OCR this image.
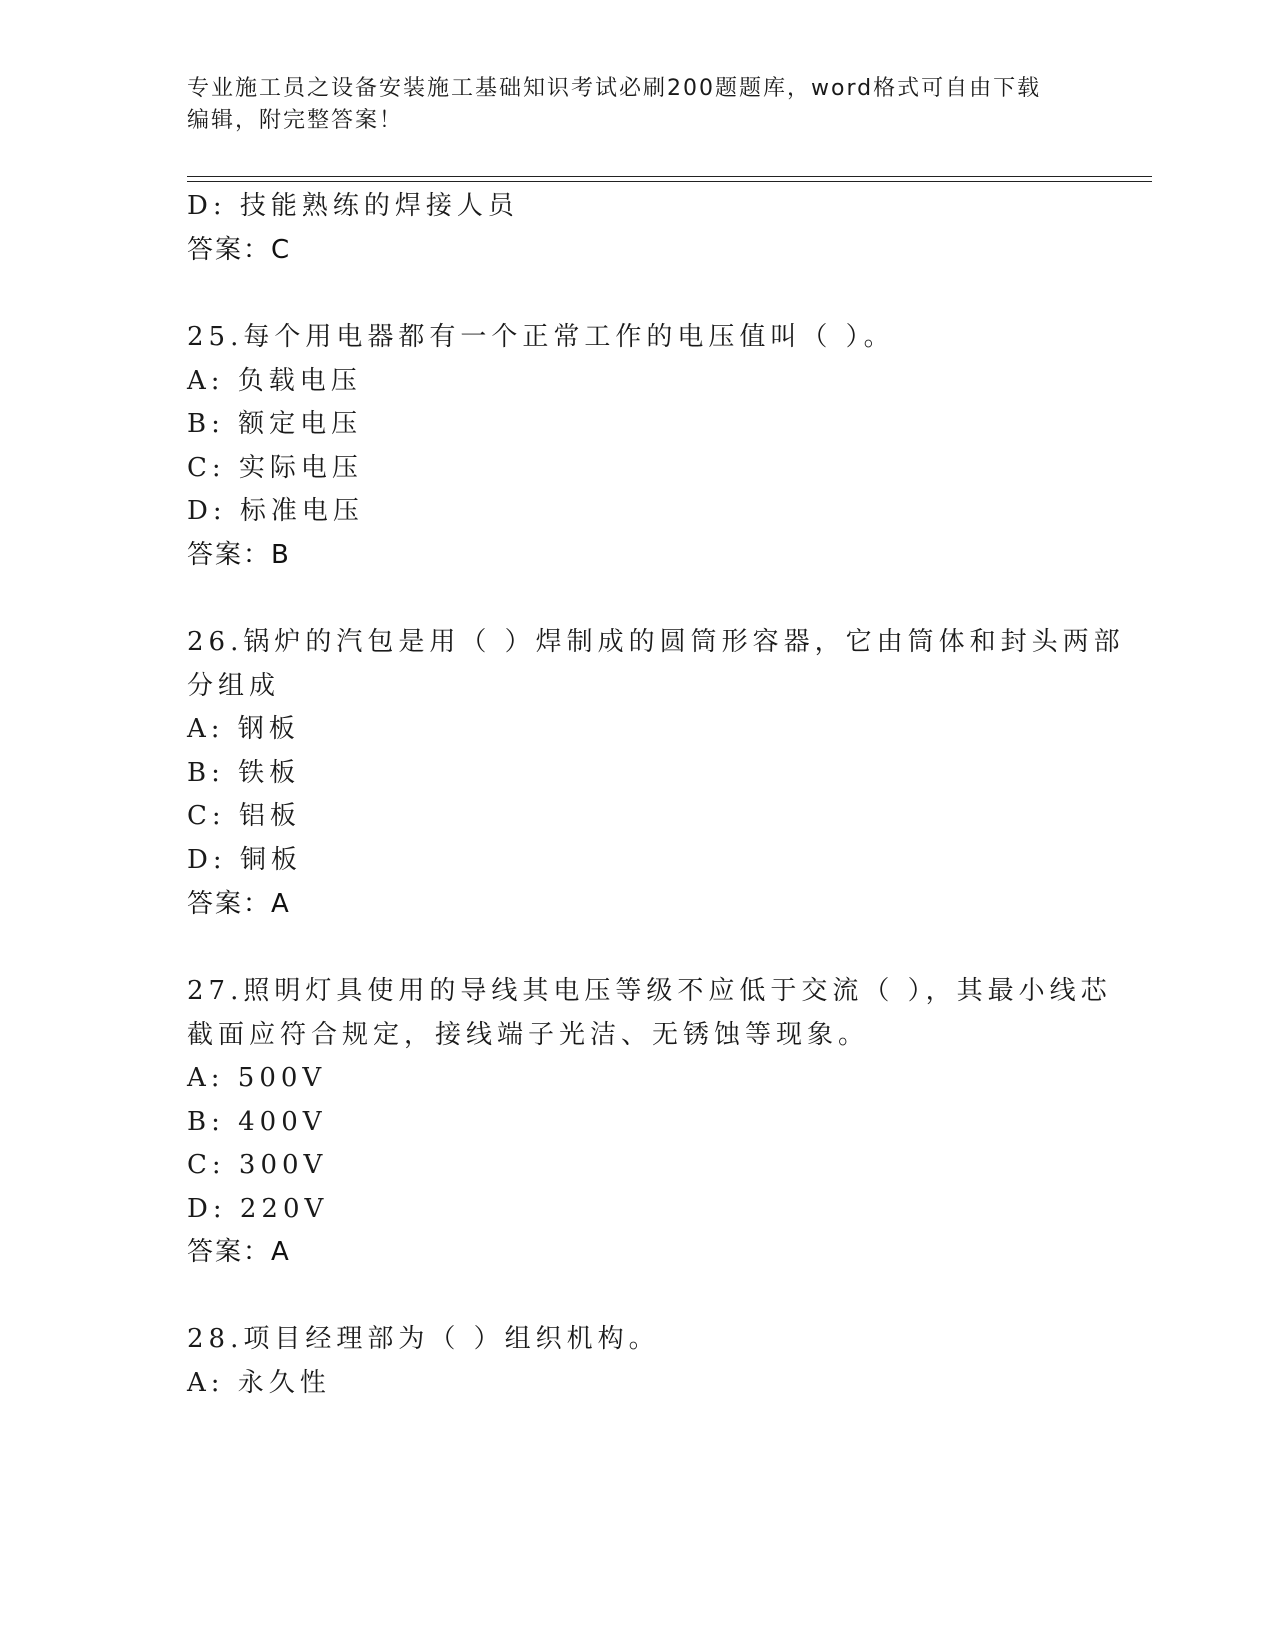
专业施工员之设备安装施工基础知识考试必刷200题题库，word格式可自由下载
编辑，附完整答案！
D: 技能熟练的焊接人员
答案：C
25.每个用电器都有一个正常工作的电压值叫（ ）。
A: 负载电压
B: 额定电压
C: 实际电压
D: 标准电压
答案：B
26.锅炉的汽包是用（ ）焊制成的圆筒形容器，它由筒体和封头两部
分组成
A: 钢板
B: 铁板
C: 铝板
D: 铜板
答案：A
27.照明灯具使用的导线其电压等级不应低于交流（ ），其最小线芯
截面应符合规定，接线端子光洁、无锈蚀等现象。
A: 500V
B: 400V
C: 300V
D: 220V
答案：A
28.项目经理部为（ ）组织机构。
A: 永久性
